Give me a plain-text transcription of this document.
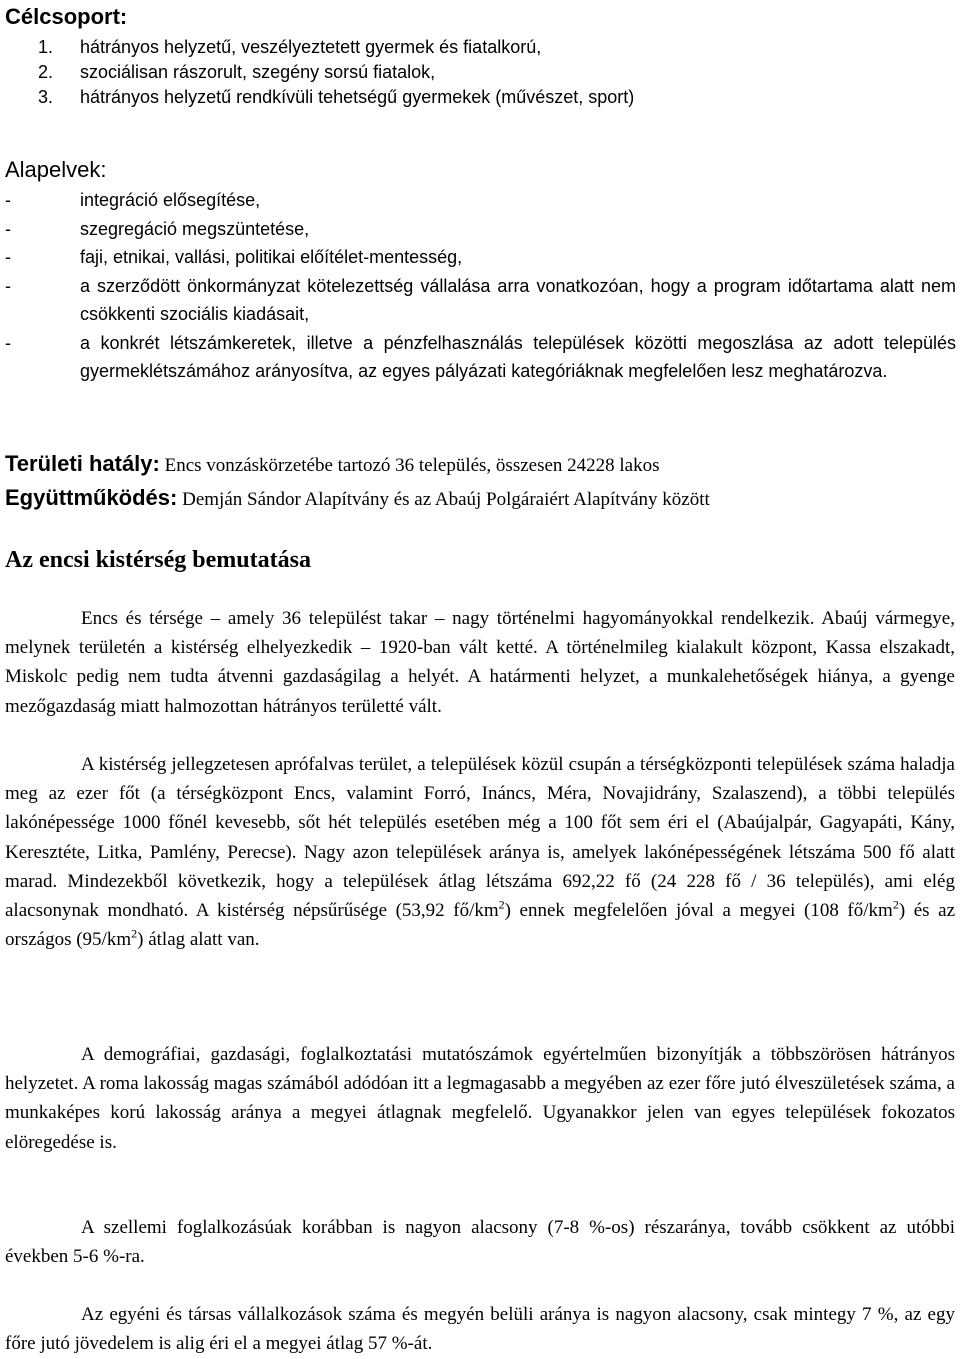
Célcsoport:
1. hátrányos helyzetű, veszélyeztetett gyermek és fiatalkorú,
2. szociálisan rászorult, szegény sorsú fiatalok,
3. hátrányos helyzetű rendkívüli tehetségű gyermekek (művészet, sport)
Alapelvek:
- integráció elősegítése,
- szegregáció megszüntetése,
- faji, etnikai, vallási, politikai előítélet-mentesség,
- a szerződött önkormányzat kötelezettség vállalása arra vonatkozóan, hogy a program időtartama alatt nem csökkenti szociális kiadásait,
- a konkrét létszámkeretek, illetve a pénzfelhasználás települések közötti megoszlása az adott település gyermeklétszámához arányosítva, az egyes pályázati kategóriáknak megfelelően lesz meghatározva.
Területi hatály: Encs vonzáskörzetébe tartozó 36 település, összesen 24228 lakos
Együttműködés: Demján Sándor Alapítvány és az Abaúj Polgáraiért Alapítvány között
Az encsi kistérség bemutatása

Encs és térsége – amely 36 települést takar – nagy történelmi hagyományokkal rendelkezik. Abaúj vármegye, melynek területén a kistérség elhelyezkedik – 1920-ban vált ketté. A történelmileg kialakult központ, Kassa elszakadt, Miskolc pedig nem tudta átvenni gazdaságilag a helyét. A határmenti helyzet, a munkalehetőségek hiánya, a gyenge mezőgazdaság miatt halmozottan hátrányos területté vált.

A kistérség jellegzetesen aprófalvas terület, a települések közül csupán a térségközponti települések száma haladja meg az ezer főt (a térségközpont Encs, valamint Forró, Ináncs, Méra, Novajidrány, Szalaszend), a többi település lakónépessége 1000 főnél kevesebb, sőt hét település esetében még a 100 főt sem éri el (Abaújalpár, Gagyapáti, Kány, Keresztéte, Litka, Pamlény, Perecse). Nagy azon települések aránya is, amelyek lakónépességének létszáma 500 fő alatt marad. Mindezekből következik, hogy a települések átlag létszáma 692,22 fő (24 228 fő / 36 település), ami elég alacsonynak mondható. A kistérség népsűrűsége (53,92 $fő/km^2$) ennek megfelelően jóval a megyei (108 $fő/km^2$) és az országos $(95/km^2)$ átlag alatt van.

A demográfiai, gazdasági, foglalkoztatási mutatószámok egyértelműen bizonyítják a többszörösen hátrányos helyzetet. A roma lakosság magas számából adódóan itt a legmagasabb a megyében az ezer főre jutó élveszületések száma, a munkaképes korú lakosság aránya a megyei átlagnak megfelelő. Ugyanakkor jelen van egyes települések fokozatos elöregedése is.

A szellemi foglalkozásúak korábban is nagyon alacsony (7-8 %-os) részaránya, tovább csökkent az utóbbi években 5-6 %-ra.

Az egyéni és társas vállalkozások száma és megyén belüli aránya is nagyon alacsony, csak mintegy 7 %, az egy főre jutó jövedelem is alig éri el a megyei átlag 57 %-át.
